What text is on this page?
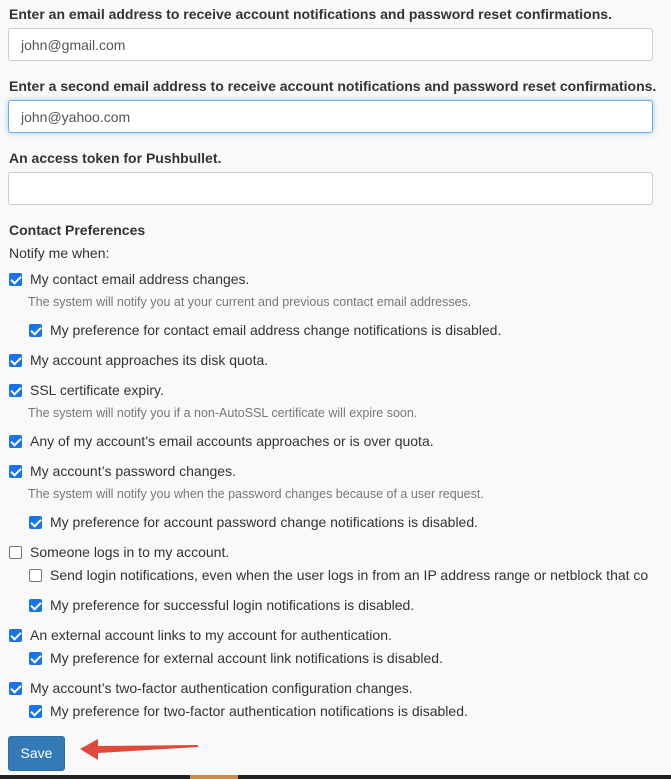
Enter an email address to receive account notifications and password reset confirmations.
john@gmail.com
Enter a second email address to receive account notifications and password reset confirmations.
john@yahoo.com
An access token for Pushbullet.
Contact Preferences
Notify me when:
My contact email address changes.
The system will notify you at your current and previous contact email addresses.
My preference for contact email address change notifications is disabled.
My account approaches its disk quota.
SSL certificate expiry.
The system will notify you if a non-AutoSSL certificate will expire soon.
Any of my account’s email accounts approaches or is over quota.
My account’s password changes.
The system will notify you when the password changes because of a user request.
My preference for account password change notifications is disabled.
Someone logs in to my account.
Send login notifications, even when the user logs in from an IP address range or netblock that co
My preference for successful login notifications is disabled.
An external account links to my account for authentication.
My preference for external account link notifications is disabled.
My account’s two-factor authentication configuration changes.
My preference for two-factor authentication notifications is disabled.
Save
